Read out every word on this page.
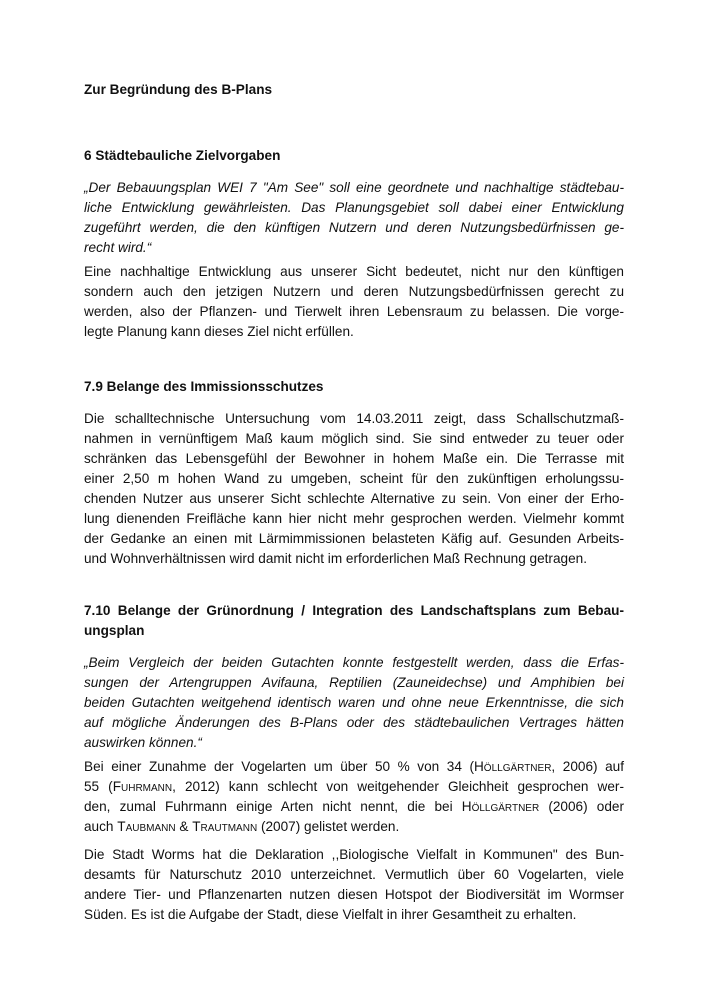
Zur Begründung des B-Plans

6 Städtebauliche Zielvorgaben

„Der Bebauungsplan WEI 7 "Am See" soll eine geordnete und nachhaltige städtebau-
liche Entwicklung gewährleisten. Das Planungsgebiet soll dabei einer Entwicklung
zugeführt werden, die den künftigen Nutzern und deren Nutzungsbedürfnissen ge-
recht wird.“
Eine nachhaltige Entwicklung aus unserer Sicht bedeutet, nicht nur den künftigen
sondern auch den jetzigen Nutzern und deren Nutzungsbedürfnissen gerecht zu
werden, also der Pflanzen- und Tierwelt ihren Lebensraum zu belassen. Die vorge-
legte Planung kann dieses Ziel nicht erfüllen.

7.9 Belange des Immissionsschutzes

Die schalltechnische Untersuchung vom 14.03.2011 zeigt, dass Schallschutzmaß-
nahmen in vernünftigem Maß kaum möglich sind. Sie sind entweder zu teuer oder
schränken das Lebensgefühl der Bewohner in hohem Maße ein. Die Terrasse mit
einer 2,50 m hohen Wand zu umgeben, scheint für den zukünftigen erholungssu-
chenden Nutzer aus unserer Sicht schlechte Alternative zu sein. Von einer der Erho-
lung dienenden Freifläche kann hier nicht mehr gesprochen werden. Vielmehr kommt
der Gedanke an einen mit Lärmimmissionen belasteten Käfig auf. Gesunden Arbeits-
und Wohnverhältnissen wird damit nicht im erforderlichen Maß Rechnung getragen.
7.10 Belange der Grünordnung / Integration des Landschaftsplans zum Bebau-
ungsplan
„Beim Vergleich der beiden Gutachten konnte festgestellt werden, dass die Erfas-
sungen der Artengruppen Avifauna, Reptilien (Zauneidechse) und Amphibien bei
beiden Gutachten weitgehend identisch waren und ohne neue Erkenntnisse, die sich
auf mögliche Änderungen des B-Plans oder des städtebaulichen Vertrages hätten
auswirken können.“
Bei einer Zunahme der Vogelarten um über 50 % von 34 (Höllgärtner, 2006) auf
55 (Fuhrmann, 2012) kann schlecht von weitgehender Gleichheit gesprochen wer-
den, zumal Fuhrmann einige Arten nicht nennt, die bei Höllgärtner (2006) oder
auch Taubmann & Trautmann (2007) gelistet werden.
Die Stadt Worms hat die Deklaration ,,Biologische Vielfalt in Kommunen" des Bun-
desamts für Naturschutz 2010 unterzeichnet. Vermutlich über 60 Vogelarten, viele
andere Tier- und Pflanzenarten nutzen diesen Hotspot der Biodiversität im Wormser
Süden. Es ist die Aufgabe der Stadt, diese Vielfalt in ihrer Gesamtheit zu erhalten.
